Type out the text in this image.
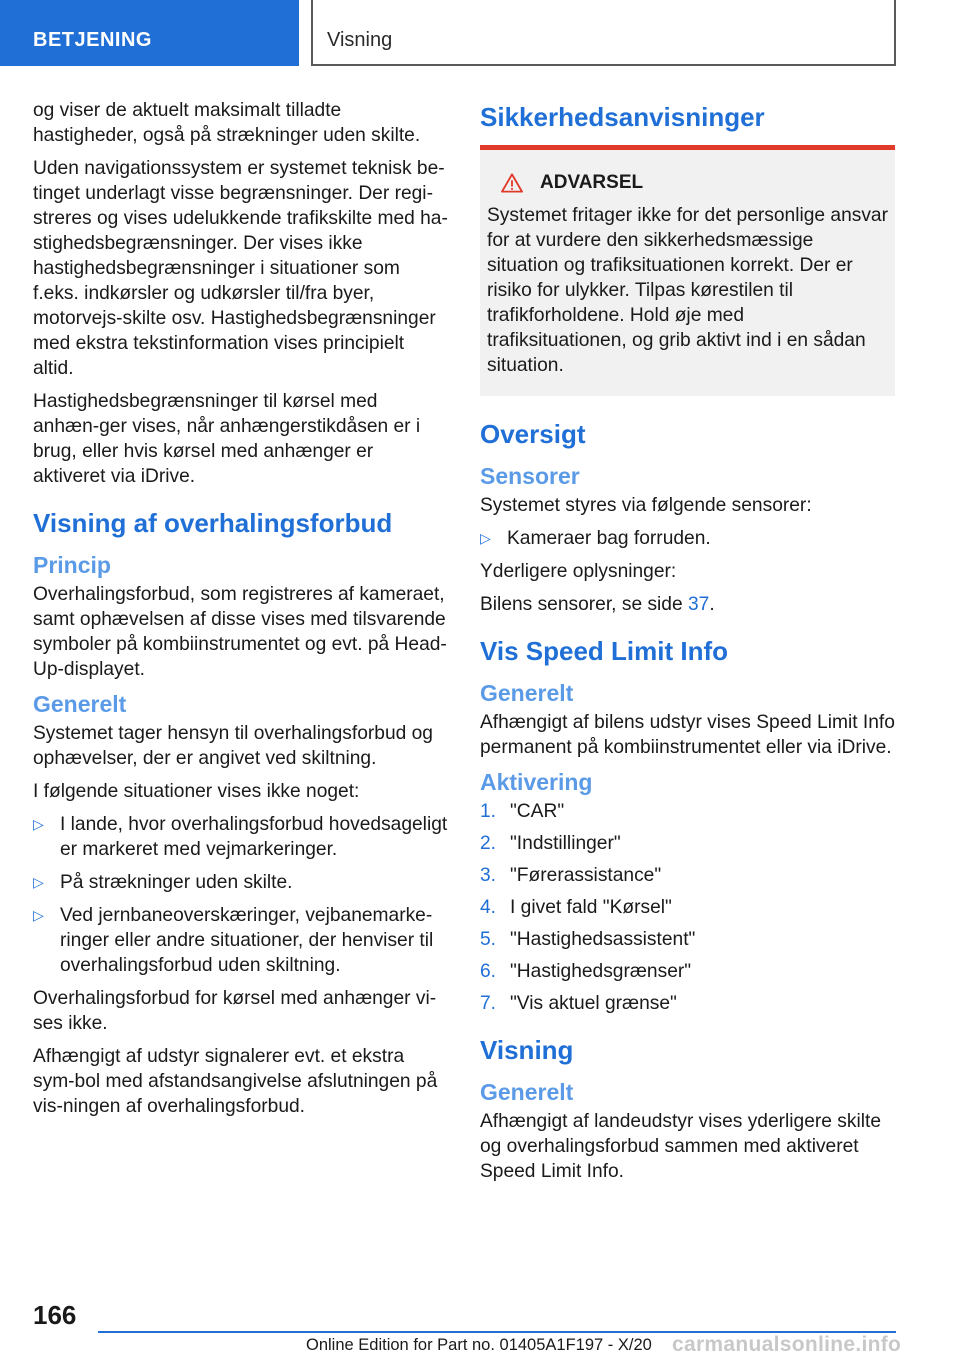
BETJENING	Visning
og viser de aktuelt maksimalt tilladte hastigheder, også på strækninger uden skilte.
Uden navigationssystem er systemet teknisk be-tinget underlagt visse begrænsninger. Der regi-streres og vises udelukkende trafikskilte med ha-stighedsbegrænsninger. Der vises ikke hastighedsbegrænsninger i situationer som f.eks. indkørsler og udkørsler til/fra byer, motorvejs-skilte osv. Hastighedsbegrænsninger med ekstra tekstinformation vises principielt altid.
Hastighedsbegrænsninger til kørsel med anhæn-ger vises, når anhængerstikdåsen er i brug, eller hvis kørsel med anhænger er aktiveret via iDrive.
Visning af overhalingsforbud
Princip
Overhalingsforbud, som registreres af kameraet, samt ophævelsen af disse vises med tilsvarende symboler på kombiinstrumentet og evt. på Head-Up-displayet.
Generelt
Systemet tager hensyn til overhalingsforbud og ophævelser, der er angivet ved skiltning.
I følgende situationer vises ikke noget:
▷ I lande, hvor overhalingsforbud hovedsageligt er markeret med vejmarkeringer.
▷ På strækninger uden skilte.
▷ Ved jernbaneoverskæringer, vejbanemarke-ringer eller andre situationer, der henviser til overhalingsforbud uden skiltning.
Overhalingsforbud for kørsel med anhænger vi-ses ikke.
Afhængigt af udstyr signalerer evt. et ekstra sym-bol med afstandsangivelse afslutningen på vis-ningen af overhalingsforbud.
Sikkerhedsanvisninger
ADVARSEL
Systemet fritager ikke for det personlige ansvar for at vurdere den sikkerhedsmæssige situation og trafiksituationen korrekt. Der er risiko for ulykker. Tilpas kørestilen til trafikforholdene. Hold øje med trafiksituationen, og grib aktivt ind i en sådan situation.
Oversigt
Sensorer
Systemet styres via følgende sensorer:
▷ Kameraer bag forruden.
Yderligere oplysninger:
Bilens sensorer, se side 37.
Vis Speed Limit Info
Generelt
Afhængigt af bilens udstyr vises Speed Limit Info permanent på kombiinstrumentet eller via iDrive.
Aktivering
1. "CAR"
2. "Indstillinger"
3. "Førerassistance"
4. I givet fald "Kørsel"
5. "Hastighedsassistent"
6. "Hastighedsgrænser"
7. "Vis aktuel grænse"
Visning
Generelt
Afhængigt af landeudstyr vises yderligere skilte og overhalingsforbud sammen med aktiveret Speed Limit Info.
166
Online Edition for Part no. 01405A1F197 - X/20 carmanualsonline.info
